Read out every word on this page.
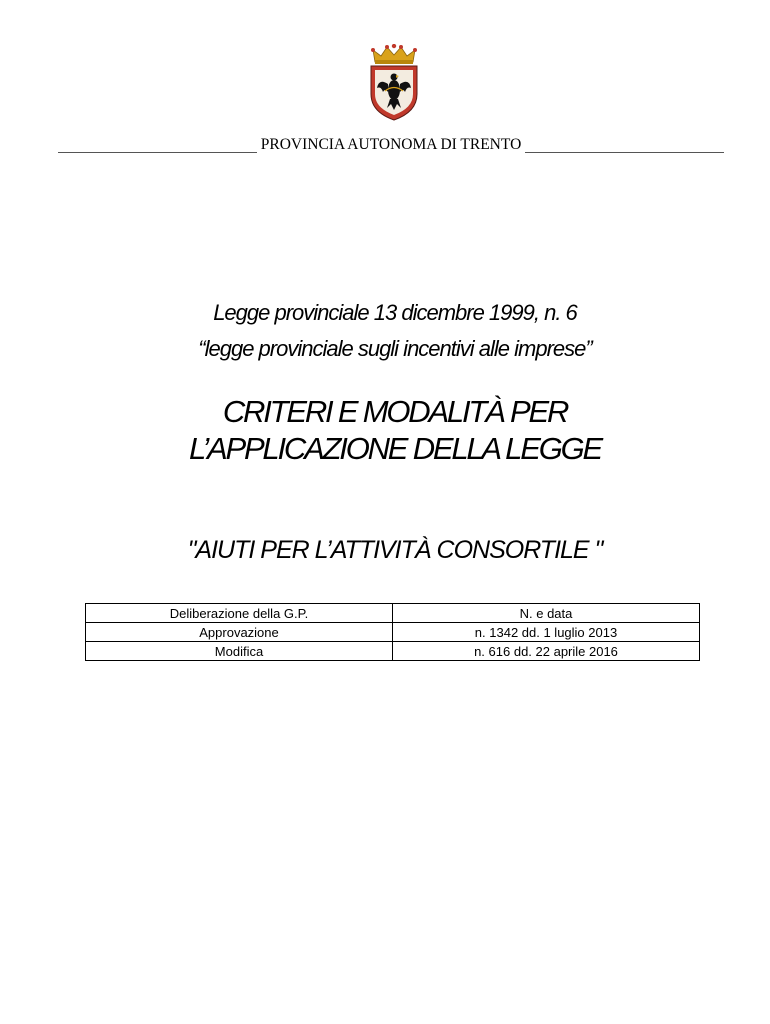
PROVINCIA AUTONOMA DI TRENTO
Legge provinciale 13 dicembre 1999, n. 6
“legge provinciale sugli incentivi alle imprese”
CRITERI E MODALITÀ PER
L’APPLICAZIONE DELLA LEGGE
"AIUTI PER L’ATTIVITÀ CONSORTILE "
Deliberazione della G.P.	N. e data
Approvazione	n. 1342 dd. 1 luglio 2013
Modifica	n. 616 dd. 22 aprile 2016
